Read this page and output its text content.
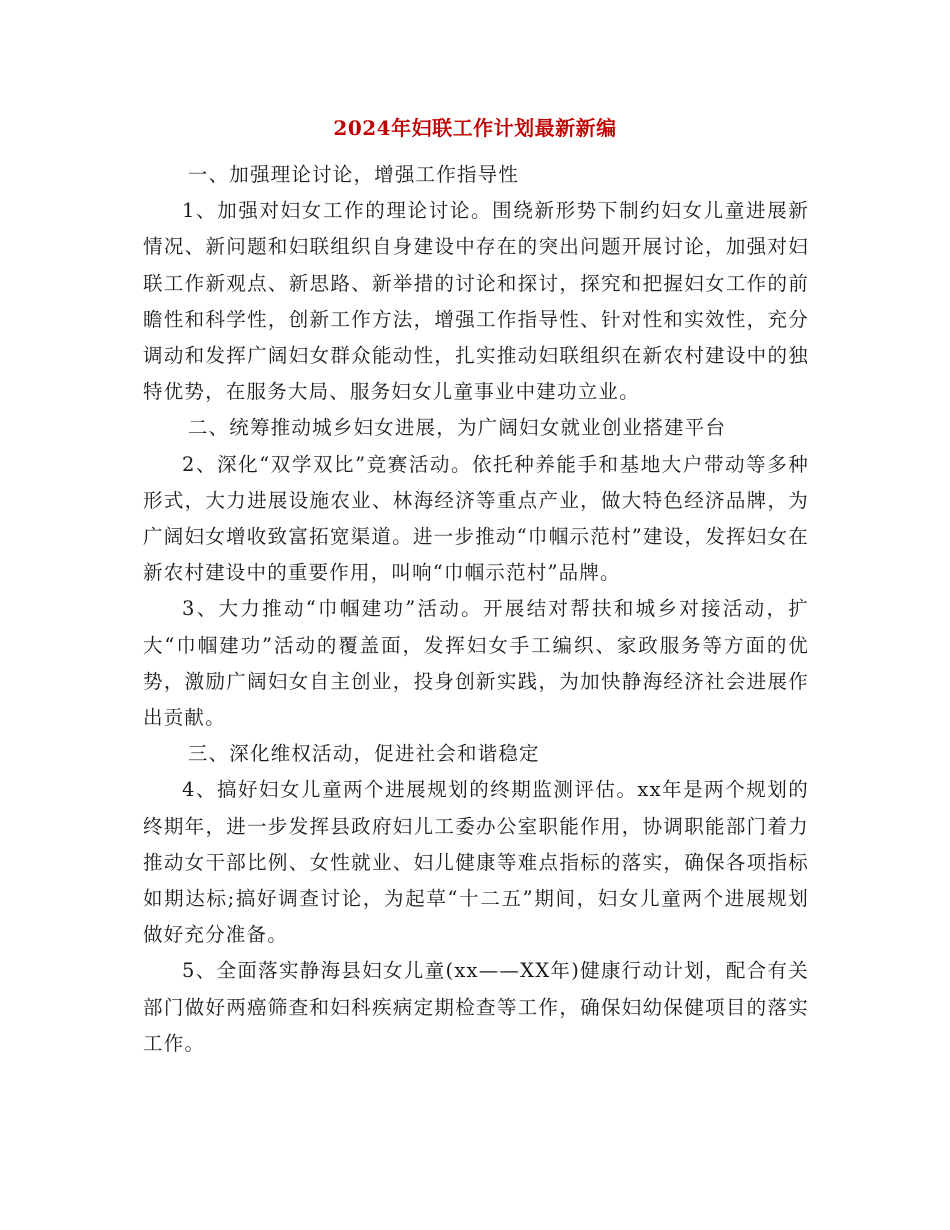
2024年妇联工作计划最新新编

一、加强理论讨论，增强工作指导性

1、加强对妇女工作的理论讨论。围绕新形势下制约妇女儿童进展新情况、新问题和妇联组织自身建设中存在的突出问题开展讨论，加强对妇联工作新观点、新思路、新举措的讨论和探讨，探究和把握妇女工作的前瞻性和科学性，创新工作方法，增强工作指导性、针对性和实效性，充分调动和发挥广阔妇女群众能动性，扎实推动妇联组织在新农村建设中的独特优势，在服务大局、服务妇女儿童事业中建功立业。

二、统筹推动城乡妇女进展，为广阔妇女就业创业搭建平台

2、深化“双学双比”竞赛活动。依托种养能手和基地大户带动等多种形式，大力进展设施农业、林海经济等重点产业，做大特色经济品牌，为广阔妇女增收致富拓宽渠道。进一步推动“巾帼示范村”建设，发挥妇女在新农村建设中的重要作用，叫响“巾帼示范村”品牌。

3、大力推动“巾帼建功”活动。开展结对帮扶和城乡对接活动，扩大“巾帼建功”活动的覆盖面，发挥妇女手工编织、家政服务等方面的优势，激励广阔妇女自主创业，投身创新实践，为加快静海经济社会进展作出贡献。

三、深化维权活动，促进社会和谐稳定

4、搞好妇女儿童两个进展规划的终期监测评估。xx年是两个规划的终期年，进一步发挥县政府妇儿工委办公室职能作用，协调职能部门着力推动女干部比例、女性就业、妇儿健康等难点指标的落实，确保各项指标如期达标;搞好调查讨论，为起草“十二五”期间，妇女儿童两个进展规划做好充分准备。

5、全面落实静海县妇女儿童(xx——XX年)健康行动计划，配合有关部门做好两癌筛查和妇科疾病定期检查等工作，确保妇幼保健项目的落实工作。
